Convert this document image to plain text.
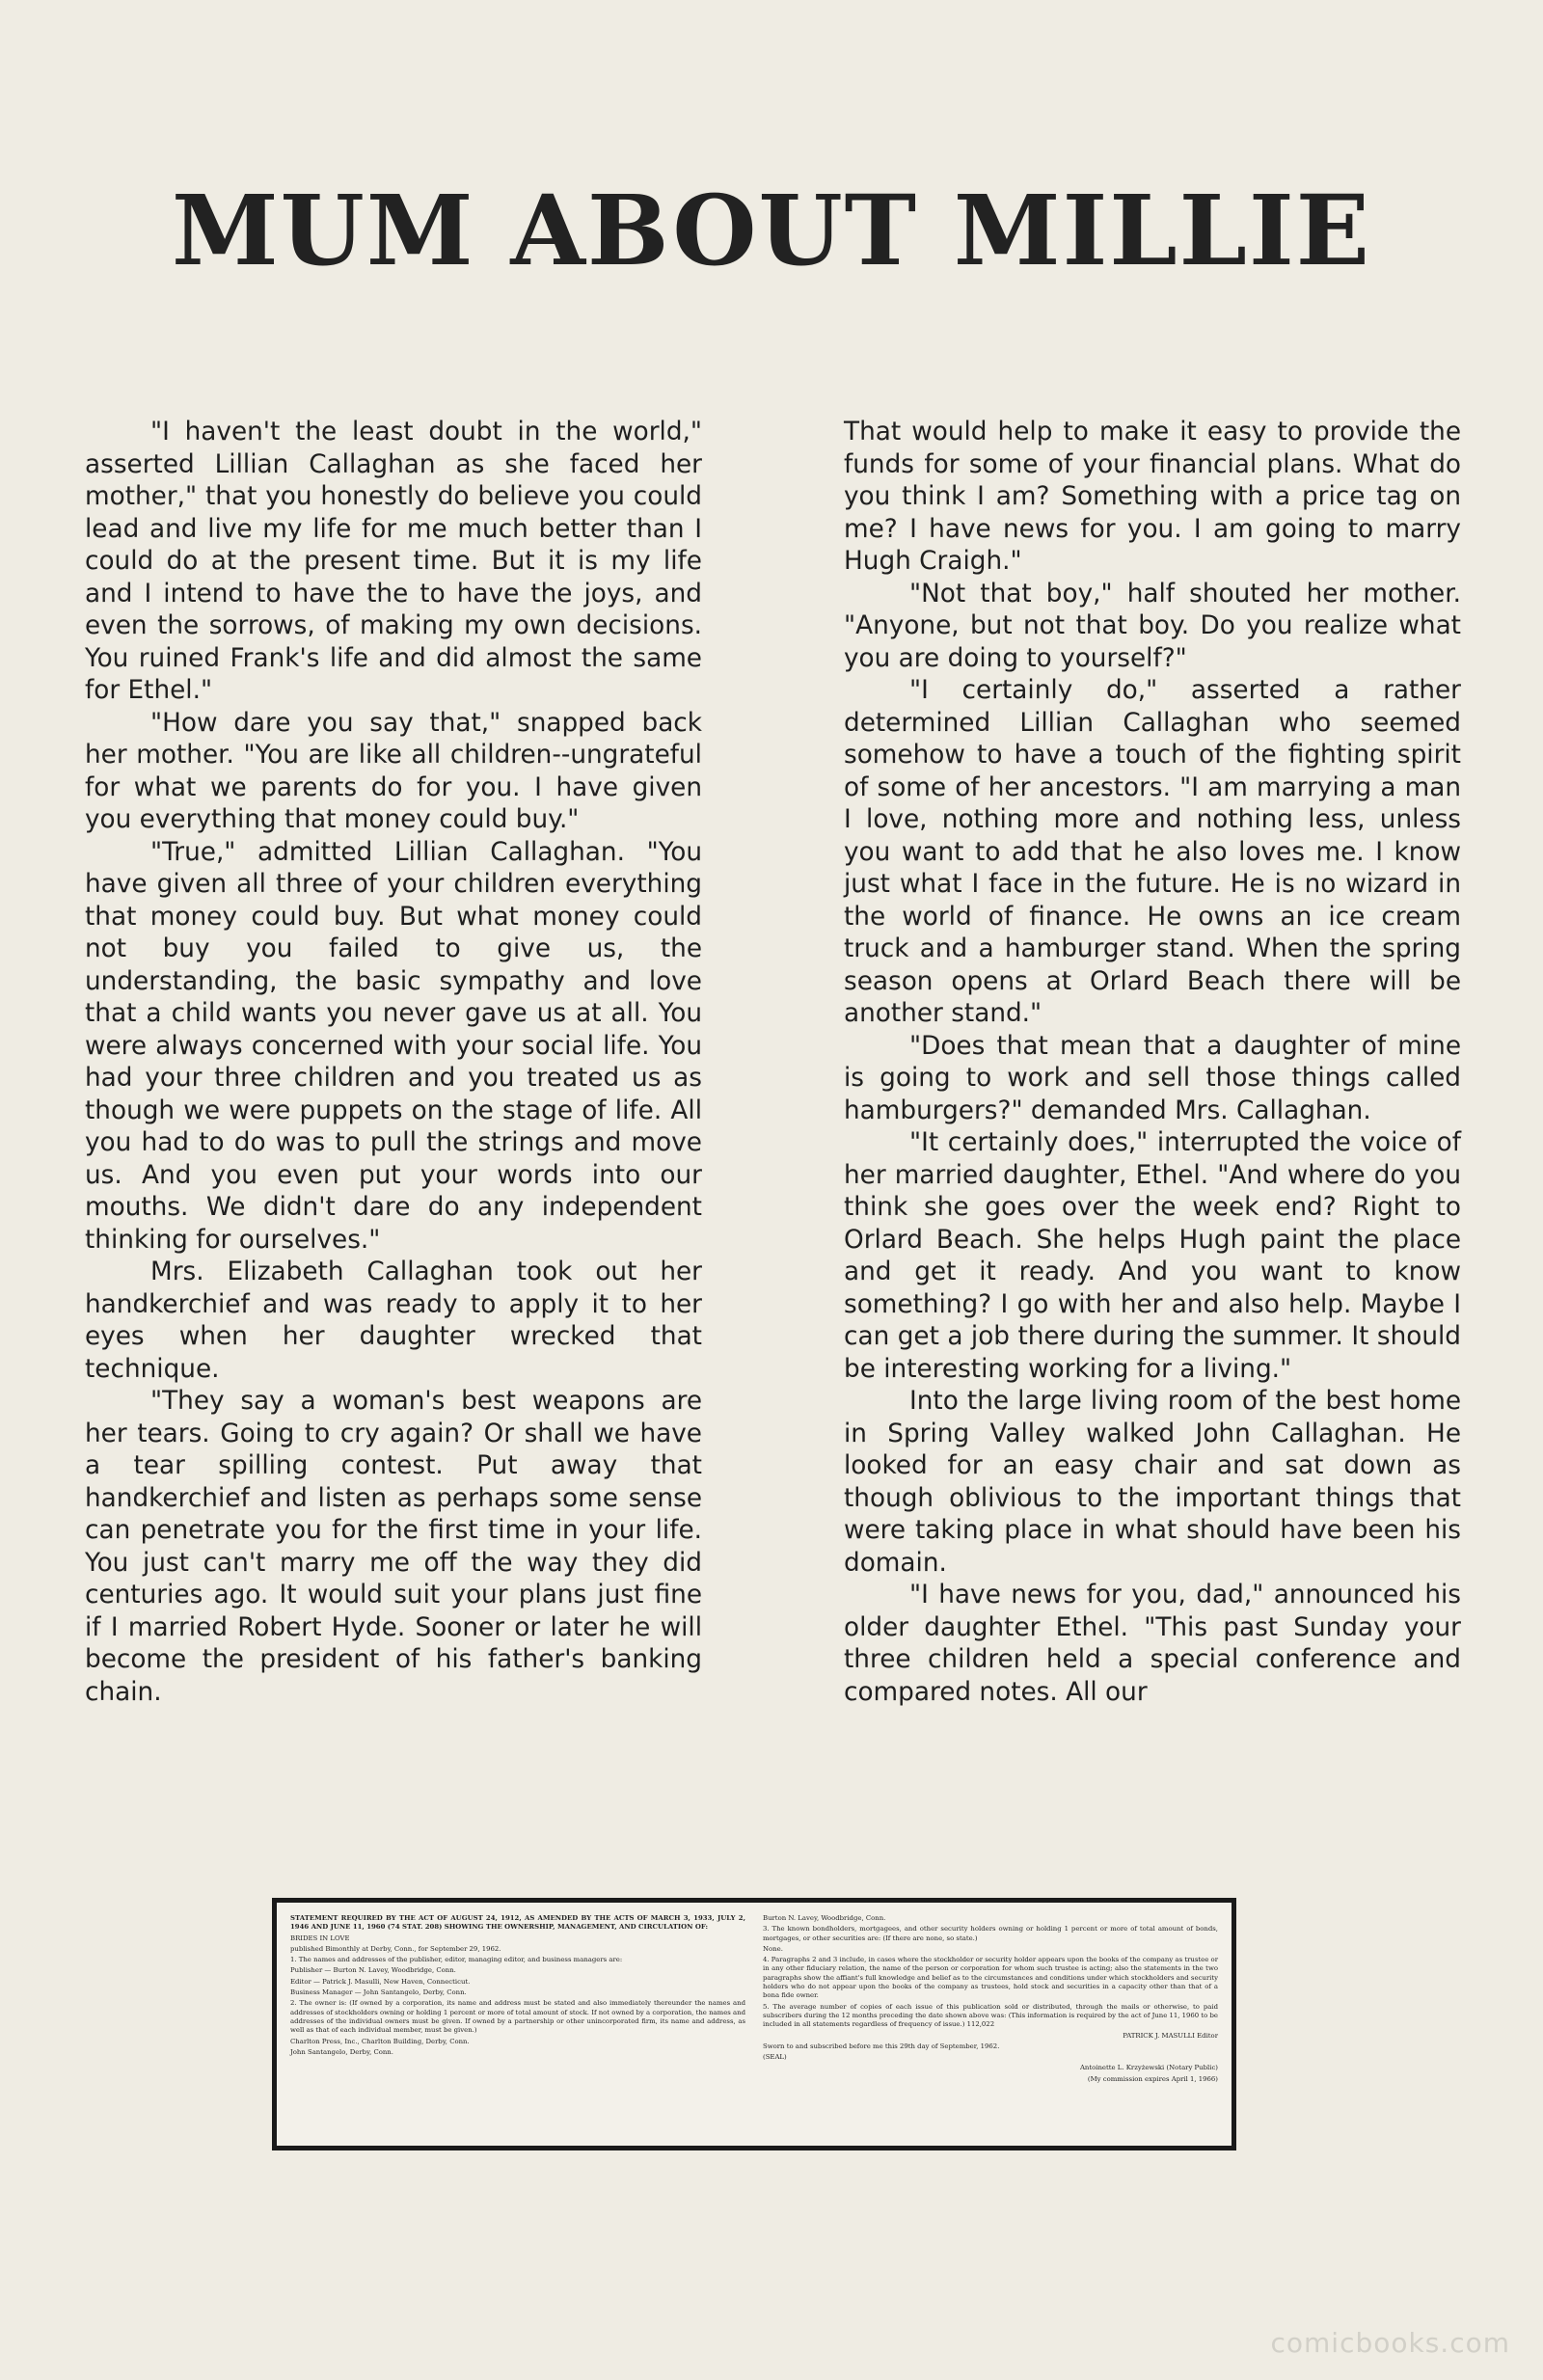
MUM ABOUT MILLIE

"I haven't the least doubt in the world," asserted Lillian Callaghan as she faced her mother," that you honestly do believe you could lead and live my life for me much better than I could do at the present time. But it is my life and I intend to have the to have the joys, and even the sorrows, of making my own decisions. You ruined Frank's life and did almost the same for Ethel."

"How dare you say that," snapped back her mother. "You are like all children--ungrateful for what we parents do for you. I have given you everything that money could buy."

"True," admitted Lillian Callaghan. "You have given all three of your children everything that money could buy. But what money could not buy you failed to give us, the understanding, the basic sympathy and love that a child wants you never gave us at all. You were always concerned with your social life. You had your three children and you treated us as though we were puppets on the stage of life. All you had to do was to pull the strings and move us. And you even put your words into our mouths. We didn't dare do any independent thinking for ourselves."

Mrs. Elizabeth Callaghan took out her handkerchief and was ready to apply it to her eyes when her daughter wrecked that technique.

"They say a woman's best weapons are her tears. Going to cry again? Or shall we have a tear spilling contest. Put away that handkerchief and listen as perhaps some sense can penetrate you for the first time in your life. You just can't marry me off the way they did centuries ago. It would suit your plans just fine if I married Robert Hyde. Sooner or later he will become the president of his father's banking chain.

That would help to make it easy to provide the funds for some of your financial plans. What do you think I am? Something with a price tag on me? I have news for you. I am going to marry Hugh Craigh."

"Not that boy," half shouted her mother. "Anyone, but not that boy. Do you realize what you are doing to yourself?"

"I certainly do," asserted a rather determined Lillian Callaghan who seemed somehow to have a touch of the fighting spirit of some of her ancestors. "I am marrying a man I love, nothing more and nothing less, unless you want to add that he also loves me. I know just what I face in the future. He is no wizard in the world of finance. He owns an ice cream truck and a hamburger stand. When the spring season opens at Orlard Beach there will be another stand."

"Does that mean that a daughter of mine is going to work and sell those things called hamburgers?" demanded Mrs. Callaghan.

"It certainly does," interrupted the voice of her married daughter, Ethel. "And where do you think she goes over the week end? Right to Orlard Beach. She helps Hugh paint the place and get it ready. And you want to know something? I go with her and also help. Maybe I can get a job there during the summer. It should be interesting working for a living."

Into the large living room of the best home in Spring Valley walked John Callaghan. He looked for an easy chair and sat down as though oblivious to the important things that were taking place in what should have been his domain.

"I have news for you, dad," announced his older daughter Ethel. "This past Sunday your three children held a special conference and compared notes. All our

STATEMENT REQUIRED BY THE ACT OF AUGUST 24, 1912, AS AMENDED BY THE ACTS OF MARCH 3, 1933, JULY 2, 1946 AND JUNE 11, 1960 (74 STAT. 208) SHOWING THE OWNERSHIP, MANAGEMENT, AND CIRCULATION OF:

BRIDES IN LOVE

published Bimonthly at Derby, Conn., for September 29, 1962.

1. The names and addresses of the publisher, editor, managing editor, and business managers are:

Publisher — Burton N. Lavey, Woodbridge, Conn.

Editor — Patrick J. Masulli, New Haven, Connecticut.

Business Manager — John Santangelo, Derby, Conn.

2. The owner is: (If owned by a corporation, its name and address must be stated and also immediately thereunder the names and addresses of stockholders owning or holding 1 percent or more of total amount of stock. If not owned by a corporation, the names and addresses of the individual owners must be given. If owned by a partnership or other unincorporated firm, its name and address, as well as that of each individual member, must be given.)

Charlton Press, Inc., Charlton Building, Derby, Conn.

John Santangelo, Derby, Conn.

Burton N. Lavey, Woodbridge, Conn.

3. The known bondholders, mortgagees, and other security holders owning or holding 1 percent or more of total amount of bonds, mortgages, or other securities are: (If there are none, so state.)

None.

4. Paragraphs 2 and 3 include, in cases where the stockholder or security holder appears upon the books of the company as trustee or in any other fiduciary relation, the name of the person or corporation for whom such trustee is acting; also the statements in the two paragraphs show the affiant's full knowledge and belief as to the circumstances and conditions under which stockholders and security holders who do not appear upon the books of the company as trustees, hold stock and securities in a capacity other than that of a bona fide owner.

5. The average number of copies of each issue of this publication sold or distributed, through the mails or otherwise, to paid subscribers during the 12 months preceding the date shown above was: (This information is required by the act of June 11, 1960 to be included in all statements regardless of frequency of issue.) 112,022

PATRICK J. MASULLI Editor

Sworn to and subscribed before me this 29th day of September, 1962.

(SEAL)

Antoinette L. Krzyżewski (Notary Public)

(My commission expires April 1, 1966)

comicbooks.com
